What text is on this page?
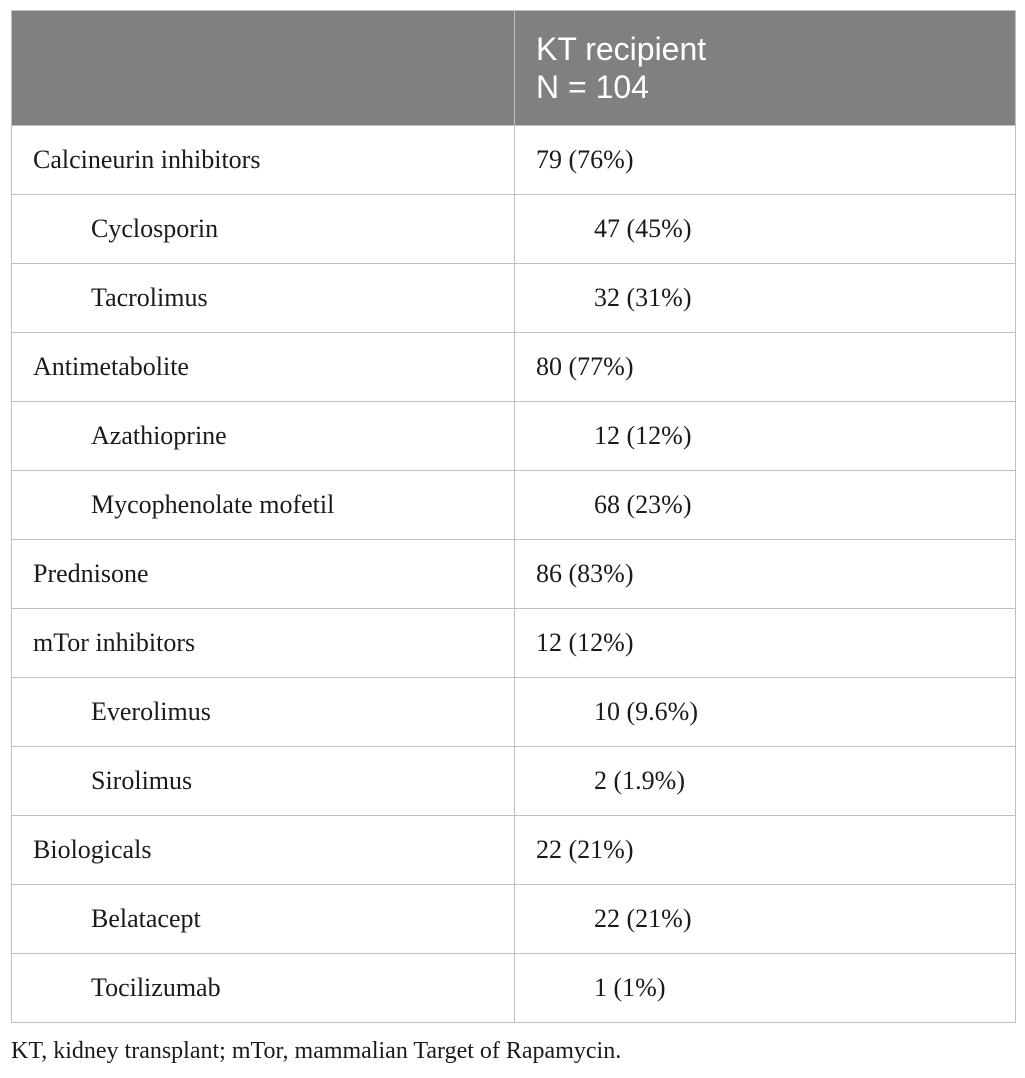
	KT recipient
N = 104

Calcineurin inhibitors	79 (76%)
Cyclosporin	47 (45%)
Tacrolimus	32 (31%)
Antimetabolite	80 (77%)
Azathioprine	12 (12%)
Mycophenolate mofetil	68 (23%)
Prednisone	86 (83%)
mTor inhibitors	12 (12%)
Everolimus	10 (9.6%)
Sirolimus	2 (1.9%)
Biologicals	22 (21%)
Belatacept	22 (21%)
Tocilizumab	1 (1%)
KT, kidney transplant; mTor, mammalian Target of Rapamycin.
